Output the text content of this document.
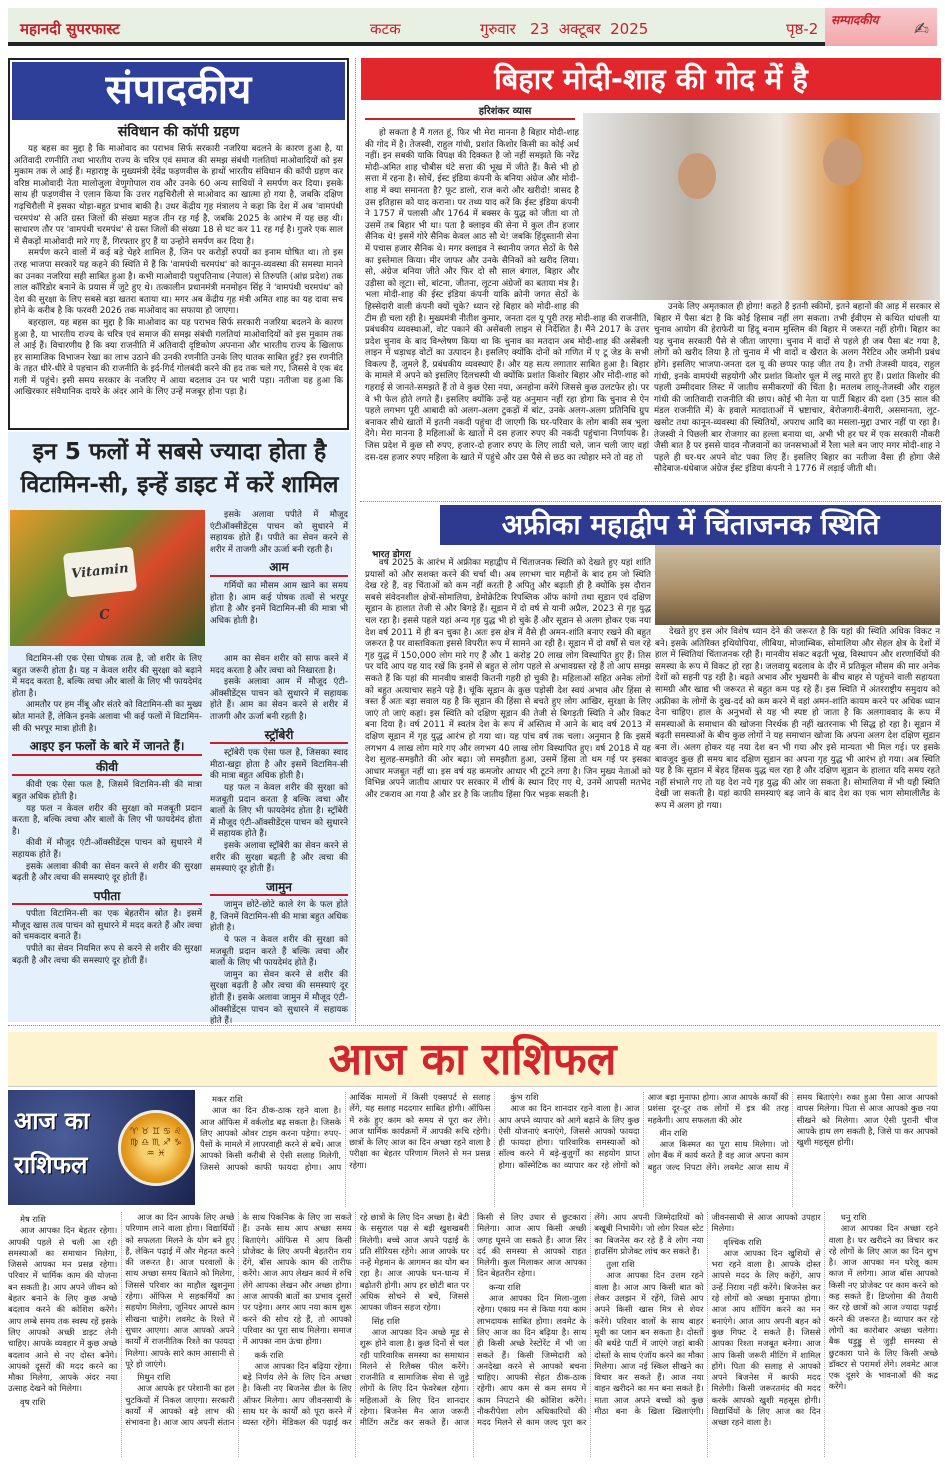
महानदी सुपरफास्ट	कटक	गुरुवार   23  अक्टूबर  2025	पृष्ठ-2	सम्पादकीय ✍
संपादकीय
संविधान की कॉपी ग्रहण

यह बहस का मुद्दा है कि माओवाद का पराभव सिर्फ सरकारी नजरिया बदलने के कारण हुआ है, या अतिवादी रणनीति तथा भारतीय राज्य के चरित्र एवं समाज की समझ संबंधी गलतियां माओवादियों को इस मुकाम तक ले आई हैं। महाराष्ट्र के मुख्यमंत्री देवेंद्र फड़णवीस के हाथों भारतीय संविधान की कॉपी ग्रहण कर वरिष्ठ माओवादी नेता मालोजुला वेणुगोपाल राव और उनके 60 अन्य साथियों ने समर्पण कर दिया। इसके साथ ही फड़णवीस ने एलान किया कि उत्तर गढ़चिरौली से माओवाद का खात्मा हो गया है, जबकि दक्षिण गढ़चिरौली में इसका थोड़ा-बहुत प्रभाव बाकी है। उधर केंद्रीय गृह मंत्रालय ने कहा कि देश में अब 'वामपंथी चरमपंथ' से अति ग्रस्त जिलों की संख्या महज तीन रह गई है, जबकि 2025 के आरंभ में यह छह थी। साधारण तौर पर 'वामपंथी चरमपंथ' से ग्रस्त जिलों की संख्या 18 से घट कर 11 रह गई है। गुजरे एक साल में सैकड़ों माओवादी मारे गए हैं, गिरफ्तार हुए हैं या उन्होंने समर्पण कर दिया है।

समर्पण करने वालों में कई बड़े चेहरे शामिल हैं, जिन पर करोड़ों रुपयों का इनाम घोषित था। तो इस तरह भाजपा सरकारें यह कहने की स्थिति में हैं कि 'वामपंथी चरमपंथ' को कानून-व्यवस्था की समस्या मानने का उनका नजरिया सही साबित हुआ है। कभी माओवादी पशुपतिनाथ (नेपाल) से तिरुपति (आंध्र प्रदेश) तक लाल कॉरिडोर बनाने के प्रयास में जुटे हुए थे। तत्कालीन प्रधानमंत्री मनमोहन सिंह ने 'वामपंथी चरमपंथ' को देश की सुरक्षा के लिए सबसे बड़ा खतरा बताया था। मगर अब केंद्रीय गृह मंत्री अमित शाह का यह दावा सच होने के करीब है कि फरवरी 2026 तक माओवाद का सफाया हो जाएगा।

बहरहाल, यह बहस का मुद्दा है कि माओवाद का यह पराभव सिर्फ सरकारी नजरिया बदलने के कारण हुआ है, या भारतीय राज्य के चरित्र एवं समाज की समझ संबंधी गलतियां माओवादियों को इस मुकाम तक ले आई हैं। विचारणीय है कि क्या राजनीति में अतिवादी दृष्टिकोण अपनाना और भारतीय राज्य के खिलाफ हर सामाजिक विभाजन रेखा का लाभ उठाने की उनकी रणनीति उनके लिए घातक साबित हुई? इस रणनीति के तहत धीरे-धीरे वे पहचान की राजनीति के इर्द-गिर्द गोलबंदी करने की हद तक चले गए, जिससे वे एक बंद गली में पहुंचे। इसी समय सरकार के नजरिए में आया बदलाव उन पर भारी पड़ा। नतीजा यह हुआ कि आखिरकार संवैधानिक दायरे के अंदर आने के लिए उन्हें मजबूर होना पड़ा है।

इन 5 फलों में सबसे ज्यादा होता है विटामिन-सी, इन्हें डाइट में करें शामिल
Vitamin C

इसके अलावा पपीते में मौजूद एंटीऑक्सीडेंट्स पाचन को सुधारने में सहायक होते हैं। पपीते का सेवन करने से शरीर में ताजगी और ऊर्जा बनी रहती है।

आम

गर्मियों का मौसम आम खाने का समय होता है। आम कई पोषक तत्वों से भरपूर होता है और इनमें विटामिन-सी की मात्रा भी अधिक होती है।

विटामिन-सी एक ऐसा पोषक तत्व है, जो शरीर के लिए बहुत जरूरी होता है। यह न केवल शरीर की सुरक्षा को बढ़ाने में मदद करता है, बल्कि त्वचा और बालों के लिए भी फायदेमंद होता है।

आमतौर पर हम नींबू और संतरे को विटामिन-सी का मुख्य स्रोत मानते हैं, लेकिन इनके अलावा भी कई फलों में विटामिन-सी की भरपूर मात्रा होती है।

आइए इन फलों के बारे में जानते हैं।
कीवी

कीवी एक ऐसा फल है, जिसमें विटामिन-सी की मात्रा बहुत अधिक होती है।

यह फल न केवल शरीर की सुरक्षा को मजबूती प्रदान करता है, बल्कि त्वचा और बालों के लिए भी फायदेमंद होता है।

कीवी में मौजूद एंटी-ऑक्सीडेंट्स पाचन को सुधारने में सहायक होते हैं।

इसके अलावा कीवी का सेवन करने से शरीर की सुरक्षा बढ़ती है और त्वचा की समस्याएं दूर होती हैं।

पपीता

पपीता विटामिन-सी का एक बेहतरीन स्रोत है। इसमें मौजूद खास तत्व पाचन को सुधारने में मदद करते हैं और त्वचा को चमकदार बनाते हैं।

पपीते का सेवन नियमित रूप से करने से शरीर की सुरक्षा बढ़ती है और त्वचा की समस्याएं दूर होती हैं।

आम का सेवन शरीर को साफ करने में मदद करता है और त्वचा को निखारता है।

इसके अलावा आम में मौजूद एंटी-ऑक्सीडेंट्स पाचन को सुधारने में सहायक होते हैं। आम का सेवन करने से शरीर में ताजगी और ऊर्जा बनी रहती है।

स्ट्रॉबेरी

स्ट्रॉबेरी एक ऐसा फल है, जिसका स्वाद मीठा-खट्टा होता है और इसमें विटामिन-सी की मात्रा बहुत अधिक होती है।

यह फल न केवल शरीर की सुरक्षा को मजबूती प्रदान करता है बल्कि त्वचा और बालों के लिए भी फायदेमंद होता है। स्ट्रॉबेरी में मौजूद एंटी-ऑक्सीडेंट्स पाचन को सुधारने में सहायक होते हैं।

इसके अलावा स्ट्रॉबेरी का सेवन करने से शरीर की सुरक्षा बढ़ती है और त्वचा की समस्याएं दूर होती हैं।

जामुन

जामुन छोटे-छोटे काले रंग के फल होते हैं, जिनमें विटामिन-सी की मात्रा बहुत अधिक होती है।

ये फल न केवल शरीर की सुरक्षा को मजबूती प्रदान करते हैं बल्कि त्वचा और बालों के लिए भी फायदेमंद होते हैं।

जामुन का सेवन करने से शरीर की सुरक्षा बढ़ती है और त्वचा की समस्याएं दूर होती हैं। इसके अलावा जामुन में मौजूद एंटी-ऑक्सीडेंट्स पाचन को सुधारने में सहायक होते हैं।

बिहार मोदी-शाह की गोद में है
हरिशंकर व्यास

हो सकता है मैं गलत हूं, फिर भी मेरा मानना है बिहार मोदी-शाह की गोद में है। तेजस्वी, राहुल गांधी, प्रशांत किशोर किसी का कोई अर्थ नहीं। इन सबकी याकि विपक्ष की दिक्कत है जो नहीं समझते कि नरेंद्र मोदी-अमित शाह चौबीस घंटे सत्ता की भूख में जीते हैं। कैसे भी हो सत्ता में रहना है। सोचें, ईस्ट इंडिया कंपनी के बनिया अंग्रेज और मोदी-शाह में क्या समानता है? फूट डालो, राज करो और खरीदो! त्रासद है उस इतिहास को याद कराना। पर तथ्य याद करें कि ईस्ट इंडिया कंपनी ने 1757 में पलासी और 1764 में बक्सर के युद्ध को जीता था तो उसमें तब बिहार भी था। पता है क्लाइव की सेना में कुल तीन हजार सैनिक थे! इसमें गोरे सैनिक केवल आठ सौ थे! जबकि हिंदुस्तानी सेना में पचास हजार सैनिक थे। मगर क्लाइव ने स्थानीय जगत सेठों के पैसे का इस्तेमाल किया। मीर जाफर और उनके सैनिकों को खरीद लिया। सो, अंग्रेज बनिया जीते और फिर दो सौ साल बंगाल, बिहार और उड़ीसा को लूटा। सो, बांटना, जीतना, लूटना अंग्रेजों का बताया मंत्र है। भला मोदी-शाह की ईस्ट इंडिया कंपनी याकि क्रोनी जगत सेठों के हिस्सेदारी वाली कंपनी क्यों चूके? ध्यान रहे बिहार को मोदी-शाह की टीम ही चला रही है। मुख्यमंत्री नीतीश कुमार, जनता दल यू पूरी तरह मोदी-शाह की राजनीति, प्रबंधकीय व्यवस्थाओं, वोट पकाने की असेंबली लाइन से निर्देशित हैं। मैंने 2017 के उत्तर प्रदेश चुनाव के बाद विश्लेषण किया था कि चुनाव का मतदान अब मोदी-शाह की असेंबली लाइन में धड़ाधड़ वोटों का उत्पादन है। इसलिए क्योंकि दोनों को गणित में ए टू जेड के सभी विकल्प हैं, जुमले हैं, प्रबंधकीय व्यवस्थाएं हैं। और यह सत्य लगातार साबित हुआ है। बिहार के मामले में अपने को इसलिए दिलचस्पी थी क्योंकि प्रशांत किशोर बिहार और मोदी-शाह को गहराई से जानते-समझते हैं तो वे कुछ ऐसा नया, अनहोना करेंगे जिससे कुछ उलटफेर हो। पर वे भी फेल होते लगते हैं। इसलिए क्योंकि उन्हें यह अनुमान नहीं रहा होगा कि चुनाव से ऐन पहले लगभग पूरी आबादी को अलग-अलग टुकड़ों में बांट, उनके अलग-अलग प्रतिनिधि ग्रुप बनाकर सीधे खातों में इतनी नकदी पहुंचा दी जाएगी कि घर-परिवार के लोग बाकी सब भुला देंगे। मेरा मानना है महिलाओं के खातों में दस हजार रुपए की नकदी पहुंचाना निर्णायक है। जिस प्रदेश में कुछ सौ रुपए, हजार-दो हजार रुपए के लिए लाठी चले, जान चली जाए वहां दस-दस हजार रुपए महिला के खाते में पहुंचे और उस पैसे से छठ का त्योहार मने तो वह तो

उनके लिए अमृतकाल ही होगा! कहते हैं इतनी स्कीमों, इतने बहानों की आड़ में सरकार से बिहार में पैसा बंटा है कि कोई हिसाब नहीं लग सकता। तभी ईवीएम से कथित धांधली या चुनाव आयोग की हेराफेरी या हिंदू बनाम मुस्लिम की बिहार में जरूरत नहीं होगी। बिहार का यह चुनाव सरकारी पैसे से जीता जाएगा। चुनाव में वादों से पहले ही जब पैसा बंट गया है, लोगों को खरीद लिया है तो चुनाव में भी वादों व खैरात के अलग नैरेटिव और जमीनी प्रबंध होंगे। इसलिए भाजपा-जनता दल यू की छप्पर फाड़ जीत तय है। तभी तेजस्वी यादव, राहुल गांधी, इनके वामपंथी सहयोगी और प्रशांत किशोर धूल में लट्ठ मारते हुए हैं। प्रशांत किशोर की पहली उम्मीदवार लिस्ट में जातीय समीकरणों की चिंता है। मतलब लालू-तेजस्वी और राहुल गांधी की जातिवादी राजनीति की छाप। कोई भी नेता या पार्टी बिहार की दशा (35 साल की मंडल राजनीति में) के हवाले मतदाताओं में भ्रष्टाचार, बेरोजगारी-बेगारी, असमानता, लूट-खसोट तथा कानून-व्यवस्था की स्थितियों, अपराध आदि का मसला-मुद्दा उभार नहीं पा रहा है। तेजस्वी ने पिछली बार रोजगार का हल्ला बनाया था, अभी भी हर घर में एक सरकारी नौकरी जैसी बात है पर इससे यादव नौजवानों का जनसभाओं में रैला भले बन जाए मगर मोदी-शाह ने पहले ही घर-घर अपने वोट पका लिए हैं। इसलिए बिहार का नतीजा वैसा ही होगा जैसे सौदेबाज-धंधेबाज अंग्रेज ईस्ट इंडिया कंपनी ने 1776 में लड़ाई जीती थी।

अफ्रीका महाद्वीप में चिंताजनक स्थिति
भारत डोगरा

वर्ष 2025 के आरंभ में अफ्रीका महाद्वीप में चिंताजनक स्थिति को देखते हुए यहां शांति प्रयासों को और सशक्त करने की चर्चा थी। अब लगभग चार महीनों के बाद हम जो स्थिति देख रहे हैं, वह चिंताओं को कम नहीं करती है अपितु और बढ़ाती ही है क्योंकि इस दौरान सबसे संवेदनशील क्षेत्रों-सोमालिया, डेमोक्रेटिक रिपब्लिक ऑफ कांगो तथा सूडान एवं दक्षिण सूडान के हालात तेजी से और बिगड़े हैं। सूडान में दो वर्ष से यानी अप्रैल, 2023 से गृह युद्ध चल रहा है। इससे पहले यहां अन्य गृह युद्ध भी हो चुके हैं और सूडान से अलग होकर एक नया देश वर्ष 2011 में ही बन चुका है। अतः इस क्षेत्र में वैसे ही अमन-शांति बनाए रखने की बहुत जरूरत है पर वास्तविकता इससे विपरीत रूप में सामने आ रही है। सूडान में दो वर्षों से चल रहे गृह युद्ध में 150,000 लोग मारे गए हैं और 1 करोड़ 20 लाख लोग विस्थापित हुए हैं। तिस पर यदि आप यह याद रखें कि इनमें से बहुत से लोग पहले से अभावग्रस्त रहे हैं तो आप समझ सकते हैं कि यहां की मानवीय त्रासदी कितनी गहरी हो चुकी है। महिलाओं सहित अनेक लोगों को बहुत अत्याचार सहने पड़े हैं। चूंकि सूडान के कुछ पड़ोसी देश स्वयं अभाव और हिंसा से त्रस्त हैं अतः बड़ा सवाल यह है कि सूडान की हिंसा से बचते हुए लोग आखिर, सुरक्षा के लिए जाएं तो जाएं कहां। इस स्थिति को दक्षिण सूडान की तेजी से बिगड़ती स्थिति ने और विकट बना दिया है। वर्ष 2011 में स्वतंत्र देश के रूप में अस्तित्व में आने के बाद वर्ष 2013 में दक्षिण सूडान में गृह युद्ध आरंभ हो गया था। यह पांच वर्ष तक चला। अनुमान है कि इसमें लगभग 4 लाख लोग मारे गए और लगभग 40 लाख लोग विस्थापित हुए। वर्ष 2018 में यह देश सुलह-समझौते की ओर बढ़ा। जो समझौता हुआ, उसमें हिंसा तो थम गई पर इसका आधार मजबूत नहीं था। इस वर्ष यह कमजोर आधार भी टूटने लगा है। जिन मुख्य नेताओं को विभिन्न अपने जातीय आधार पर सरकार में शीर्ष के स्थान दिए गए थे, उनमें आपसी मतभेद और टकराव आ गया है और डर है कि जातीय हिंसा फिर भड़क सकती है।

देखते हुए इस ओर विशेष ध्यान देने की जरूरत है कि यहां की स्थिति अधिक विकट न बने। इसके अतिरिक्त इथियोपिया, लीबिया, मोजाम्बिक, सोमालिया और सेहल क्षेत्र के देशों में हाल में स्थितियां चिंताजनक रही हैं। मानवीय संकट बढ़ती भूख, विस्थापन और शरणार्थियों की समस्या के रूप में विकट हो रहा है। जलवायु बदलाव के दौर में प्रतिकूल मौसम की मार अनेक देशों को सहनी पड़ रही है। बढ़ते अभाव और भुखमरी के बीच बाहर से पहुंचने वाली सहायता सामग्री और खाद्य भी जरूरत से बहुत कम पड़ रहे हैं। इस स्थिति में अंतरराष्ट्रीय समुदाय को अफ्रीका के लोगों के दुख-दर्द को कम करने में वहां अमन-शांति कायम करने पर अधिक ध्यान देना चाहिए। हाल के अनुभवों से यह भी स्पष्ट हो जाता है कि अलगाववाद के रूप में समस्याओं के समाधान की खोजना निरर्थक ही नहीं खतरनाक भी सिद्ध हो रहा है। सूडान में बढ़ती समस्याओं के बीच कुछ लोगों ने यह समाधान खोजा कि अपना अलग देश दक्षिण सूडान बना लें। अलग होकर यह नया देश बन भी गया और इसे मान्यता भी मिल गई। पर इसके बावजूद कुछ ही समय बाद दक्षिण सूडान का अपना गृह युद्ध भी आरंभ हो गया। अब स्थिति यह है कि सूडान में बेहद हिंसक युद्ध चल रहा है और दक्षिण सूडान के हालात यदि समय रहते नहीं संभाले गए तो यह देश नये गृह युद्ध की ओर जा सकता है। सोमालिया में भी यही स्थिति देखी जा सकती है। यहां काफी समस्याएं बढ़ जाने के बाद देश का एक भाग सोमालीलैंड के रूप में अलग हो गया।

आज का राशिफल
आज का
राशिफल
♈ ♉ ♊ ♋ ♌ ♍ ♎ ♏ ♐ ♑ ♒ ♓
मकर राशि
आज का दिन ठीक-ठाक रहने वाला है। आज ऑफिस में वर्कलोड बढ़ सकता है। जिसके लिए आपको ओवर टाइम करना पड़ेगा। रुपए-पैसों के मामले में लापरवाही करने से बचें। आज आपको किसी करीबी से ऐसी सलाह मिलेगी, जिससे आपको काफी फायदा होगा। आप आर्थिक मामलों में किसी एक्सपर्ट से सलाह लेंगे, यह सलाह मददगार साबित होगी। ऑफिस में रुके हुए काम को समय से पूरा कर लेंगे। आज धार्मिक कार्यक्रमों में आपकी रूचि रहेगी। छात्रों के लिए आज का दिन अच्छा रहने वाला है परीक्षा का बेहतर परिणाम मिलने से मन प्रसन्न रहेगा।
कुंभ राशि
आज का दिन शानदार रहने वाला है। आज आप अपने व्यापार को आगे बढ़ाने के लिए कुछ ऐसी योजनाएं बनाएंगे, जिससे आपको फायदा ही फायदा होगा। पारिवारिक समस्याओं को सॉल्व करने में बड़े-बुजुर्गों का सहयोग प्राप्त होगा। कॉस्मेटिक का व्यापार कर रहे लोगों को आज बड़ा मुनाफा होगा। आज आपके कार्यों की प्रशंसा दूर-दूर तक लोगों में इत्र की तरह महकेगी। आप सफलता की ओर
मीन राशि
आज किस्मत का पूरा साथ मिलेगा। जो लोग बैंक में कार्य करते हैं वह आज अपना काम बहुत जल्द निपटा लेंगे। लवमेट आज साथ में समय बिताएंगे। रुका हुआ पैसा आज आपको वापस मिलेगा। पिता से आज आपको कुछ नया सीखने को मिलेगा। आज ऐसी पुरानी चीज आपके हाथ लग सकती है, जिसे पा कर आपको खुशी महसूस होगी।
मेष राशि
आज आपका दिन बेहतर रहेगा। आपकी पहले से चली आ रही समस्याओं का समाधान मिलेगा, जिससे आपका मन प्रसन्न रहेगा। परिवार में धार्मिक काम की योजना बन सकती है। आप अपने जीवन को बेहतर बनाने के लिए कुछ अच्छे बदलाव करने की कोशिश करेंगे। आप लम्बे समय तक स्वस्थ रहें इसके लिए आपको अच्छी डाइट लेनी चाहिए। आपके व्यवहार में कुछ अच्छे बदलाव आने से नए दोस्त बनेंगे। आपको दूसरों की मदद करने का मौका मिलेगा, आपके अंदर नया उत्साह देखने को मिलेगा।
वृष राशि
आज का दिन आपके लिए अच्छे परिणाम लाने वाला होगा। विद्यार्थियों को सफलता मिलने के योग बने हुए हैं, लेकिन पढ़ाई में और मेहनत करने की जरूरत है। आज घरवालों के साथ अच्छा समय बिताने को मिलेगा, जिससे परिवार का माहौल खुशनुमा रहेगा। ऑफिस मे सहकर्मियों का सहयोग मिलेगा, जूनियर आपसे काम सीखना चाहेंगे। लवमेट के रिश्ते में सुधार आएगा। आज आपको अपने कार्यों में राजनीतिक रिश्ते का फायदा मिलेगा। आपके सारे काम आसानी से पूरे हो जाएंगे।
मिथुन राशि
आज आपके हर परेशानी का हल चुटकियों में निकल जाएगा। सरकारी कार्यों में आपको बड़े लाभ की संभावना है। आज आप अपनी संतान के साथ पिकनिक के लिए जा सकते हैं। उनके साथ आप अच्छा समय बिताएंगे। ऑफिस में आप किसी प्रोजेक्ट के लिए अपनी बेहतरीन राय देंगे, बॉस आपके काम की तारीफ करेंगे। आज आप लेखन कार्य में रुचि लेंगे आपका लेखन और अच्छा होगा। आज आपकी बातों का प्रभाव दूसरों पर पड़ेगा। अगर आप नया काम शुरू करने की सोच रहे हैं, तो आपको परिवार का पूरा साथ मिलेगा। समाज में आपका नाम ऊंचा होगा।
कर्क राशि
आज आपका दिन बढ़िया रहेगा। बड़े निर्णय लेने के लिए दिन अच्छा है। किसी नए बिजनेस डील के लिए ऑफर मिलेगा। आप जीवनसाथी के साथ घर के कार्यों को पूरा करने में व्यस्त रहेंगे। मेडिकल की पढ़ाई कर रहे छात्रों के लिए दिन अच्छा है। बेटी के ससुराल पक्ष से बड़ी खुशखबरी मिलेगी। बच्चे आज अपने पढ़ाई के प्रति सीरियस रहेंगे। आज आपके घर नन्हें मेहमान के आगमन का योग बन रहा है। आज आपके धन-धान्य में बढ़ोतरी होगी। आप हर छोटी बात पर अधिक सोचने से बचें, जिससे आपका जीवन सहज रहेगा।
सिंह राशि
आज आपका दिन अच्छे मूड से शुरू होने वाला है। कुछ दिनों से चल रही पारिवारिक समस्या का समाधान मिलने से रिलैक्स फील करेंगे। राजनीति व सामाजिक सेवा से जुड़े लोगों के लिए दिन फेवरेबल रहेगा। महिलाओं के लिए दिन शानदार रहेगा। बिजनेस मैन आज जरूरी मीटिंग अटेंड कर सकते हैं। आज किसी से लिए उधार से छुटकारा मिलेगा। आज आप किसी अच्छी जगह घूमने जा सकते हैं। आज सिर दर्द की समस्या से आपको राहत मिलेगी। कुल मिलाकर आज आपका दिन बेहतरीन रहेगा।
कन्या राशि
आज आपका दिन मिला-जुला रहेगा। एकाग्र मन से किया गया काम लाभदायक साबित होगा। लवमेट के लिए आज का दिन बढ़िया है। साथ ही किसी अच्छे रेस्टोरेंट में भी जा सकते हैं। किसी जिम्मेदारी को अनदेखा करने से आपको बचना चाहिए। आपकी सेहत ठीक-ठाक रहेगी। आप कम से कम समय में काम निपटाने की कोशिश करेंगे। नौकरीपेशा लोग अधिकारियों की मदद मिलने से काम जल्द पूरा कर लेंगे। आप अपनी जिम्मेदारियों को बखूबी निभायेंगे। जो लोग रियल स्टेट का बिजनेस कर रहे हैं वे लोग नया हाउसिंग प्रोजेक्ट लांच कर सकते हैं।
तुला राशि
आज आपका दिन उत्तम रहने वाला है। आज आप किसी बात को लेकर उलझन में रहेंगे, जिसे आप अपने किसी खास मित्र से शेयर करेंगे। परिवार वालों के साथ बाहर मूवी का प्लान बन सकता है। दोस्तों की बर्थडे पार्टी में जाएंगे जहां बाकी दोस्तों के साथ एंजॉय करने का मौका मिलेगा। आज नई स्किल सीखने का विचार कर सकते हैं। आज नया वाहन खरीदने का मन बना सकते हैं। माता आज अपने बच्चों को कुछ मीठा बना के खिला खिलाएंगी। जीवनसाथी से आज आपको उपहार मिलेगा।
वृश्चिक राशि
आज आपका दिन खुशियों से भरा रहने वाला है। आपके दोस्त आपसे मदद के लिए कहेंगे, आप उन्हें निराश नहीं करेंगे। बिजनेस कर रहे लोगों को अच्छा मुनाफा होगा। आज आप शॉपिंग करने का मन बनाएंगे। आज आप अपनी बहन को कुछ गिफ्ट दे सकते हैं। जिससे आपका रिश्ता मजबूत बनेगा। आज आप किसी जरूरी मीटिंग में शामिल होंगे। पिता की सलाह से आपको अपने बिजनेस में काफी मदद मिलेगी। किसी जरूरतमंद की मदद करके आपको खुशी महसूस होगी। विद्यार्थियों के लिए आज का दिन अच्छा रहने वाला है।
धनु राशि
आज आपका दिन अच्छा रहने वाला है। घर खरीदने का विचार कर रहे लोगों के लिए आज का दिन शुभ है। आज आपका मन घरेलू काम काज में लगेगा। आज बॉस आपको किसी नए प्रोजेक्ट पर काम करने को कह सकते हैं। डिप्लोमा की तैयारी कर रहे छात्रों को आज ज्यादा पढ़ाई करने की जरूरत है। व्यापार कर रहे लोगों का कारोबार अच्छा चलेगा। बैक धड़ुड्डु से जुड़ी समस्या से छुटकारा पाने के लिए किसी अच्छे डॉक्टर से परामर्श लेंगे। लवमेट आज एक दूसरे के भावनाओं की कद्र करेंगे।
